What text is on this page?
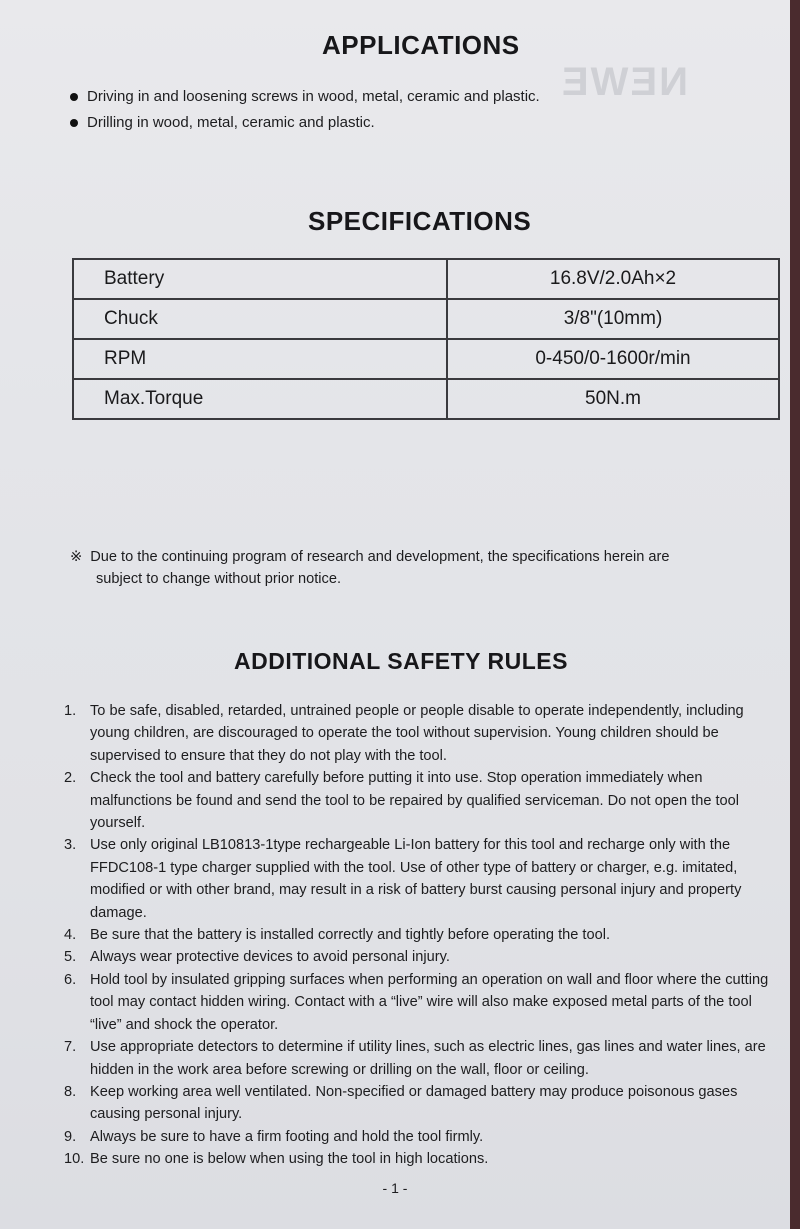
NEWE
APPLICATIONS
Driving in and loosening screws in wood, metal, ceramic and plastic.
Drilling in wood, metal, ceramic and plastic.
SPECIFICATIONS
Battery	16.8V/2.0Ah×2
Chuck	3/8"(10mm)
RPM	0-450/0-1600r/min
Max.Torque	50N.m
※ Due to the continuing program of research and development, the specifications herein are
subject to change without prior notice.
ADDITIONAL SAFETY RULES
1. To be safe, disabled, retarded, untrained people or people disable to operate independently, including young children, are discouraged to operate the tool without supervision. Young children should be supervised to ensure that they do not play with the tool.
2. Check the tool and battery carefully before putting it into use. Stop operation immediately when malfunctions be found and send the tool to be repaired by qualified serviceman. Do not open the tool yourself.
3. Use only original LB10813-1type rechargeable Li-Ion battery for this tool and recharge only with the FFDC108-1 type charger supplied with the tool. Use of other type of battery or charger, e.g. imitated, modified or with other brand, may result in a risk of battery burst causing personal injury and property damage.
4. Be sure that the battery is installed correctly and tightly before operating the tool.
5. Always wear protective devices to avoid personal injury.
6. Hold tool by insulated gripping surfaces when performing an operation on wall and floor where the cutting tool may contact hidden wiring. Contact with a “live” wire will also make exposed metal parts of the tool “live” and shock the operator.
7. Use appropriate detectors to determine if utility lines, such as electric lines, gas lines and water lines, are hidden in the work area before screwing or drilling on the wall, floor or ceiling.
8. Keep working area well ventilated. Non-specified or damaged battery may produce poisonous gases causing personal injury.
9. Always be sure to have a firm footing and hold the tool firmly.
10. Be sure no one is below when using the tool in high locations.
- 1 -
